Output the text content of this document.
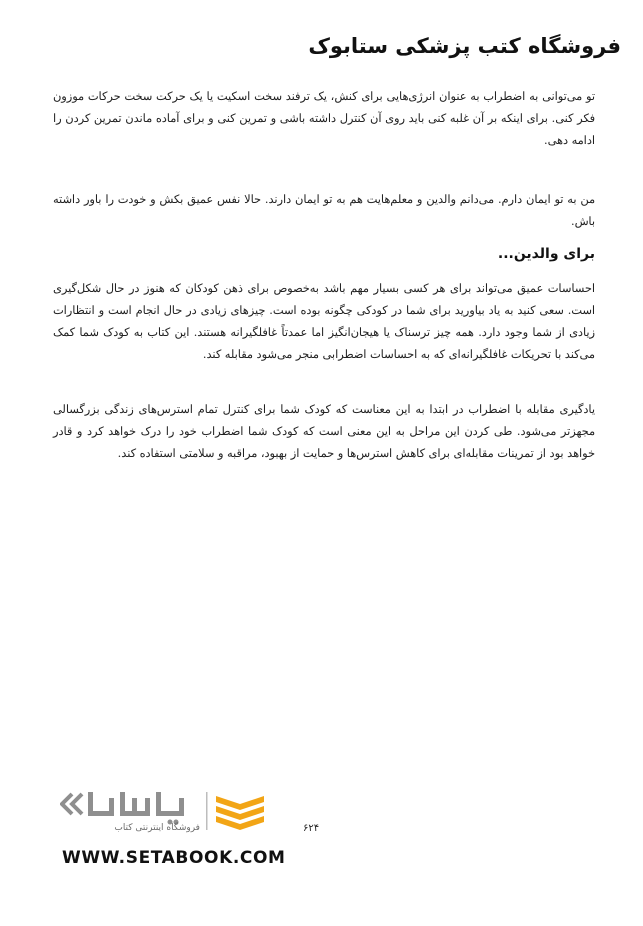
فروشگاه کتب پزشکی ستابوک
تو می‌توانی به اضطراب به عنوان انرژی‌هایی برای کنش، یک ترفند سخت اسکیت یا یک حرکت سخت حرکات موزون فکر کنی. برای اینکه بر آن غلبه کنی باید روی آن کنترل داشته باشی و تمرین کنی و برای آماده ماندن تمرین کردن را ادامه دهی.
من به تو ایمان دارم. می‌دانم والدین و معلم‌هایت هم به تو ایمان دارند. حالا نفس عمیق بکش و خودت را باور داشته باش.
برای والدین...
احساسات عمیق می‌تواند برای هر کسی بسیار مهم باشد به‌خصوص برای ذهن کودکان که هنوز در حال شکل‌گیری است. سعی کنید به یاد بیاورید برای شما در کودکی چگونه بوده است. چیزهای زیادی در حال انجام است و انتظارات زیادی از شما وجود دارد. همه چیز ترسناک یا هیجان‌انگیز اما عمدتاً غافلگیرانه هستند. این کتاب به کودک شما کمک می‌کند با تحریکات غافلگیرانه‌ای که به احساسات اضطرابی منجر می‌شود مقابله کند.
یادگیری مقابله با اضطراب در ابتدا به این معناست که کودک شما برای کنترل تمام استرس‌های زندگی بزرگسالی مجهزتر می‌شود. طی کردن این مراحل به این معنی است که کودک شما اضطراب خود را درک خواهد کرد و قادر خواهد بود از تمرینات مقابله‌ای برای کاهش استرس‌ها و حمایت از بهبود، مراقبه و سلامتی استفاده کند.
فروشگاه اینترنتی کتاب	۶۲۴
WWW.SETABOOK.COM
